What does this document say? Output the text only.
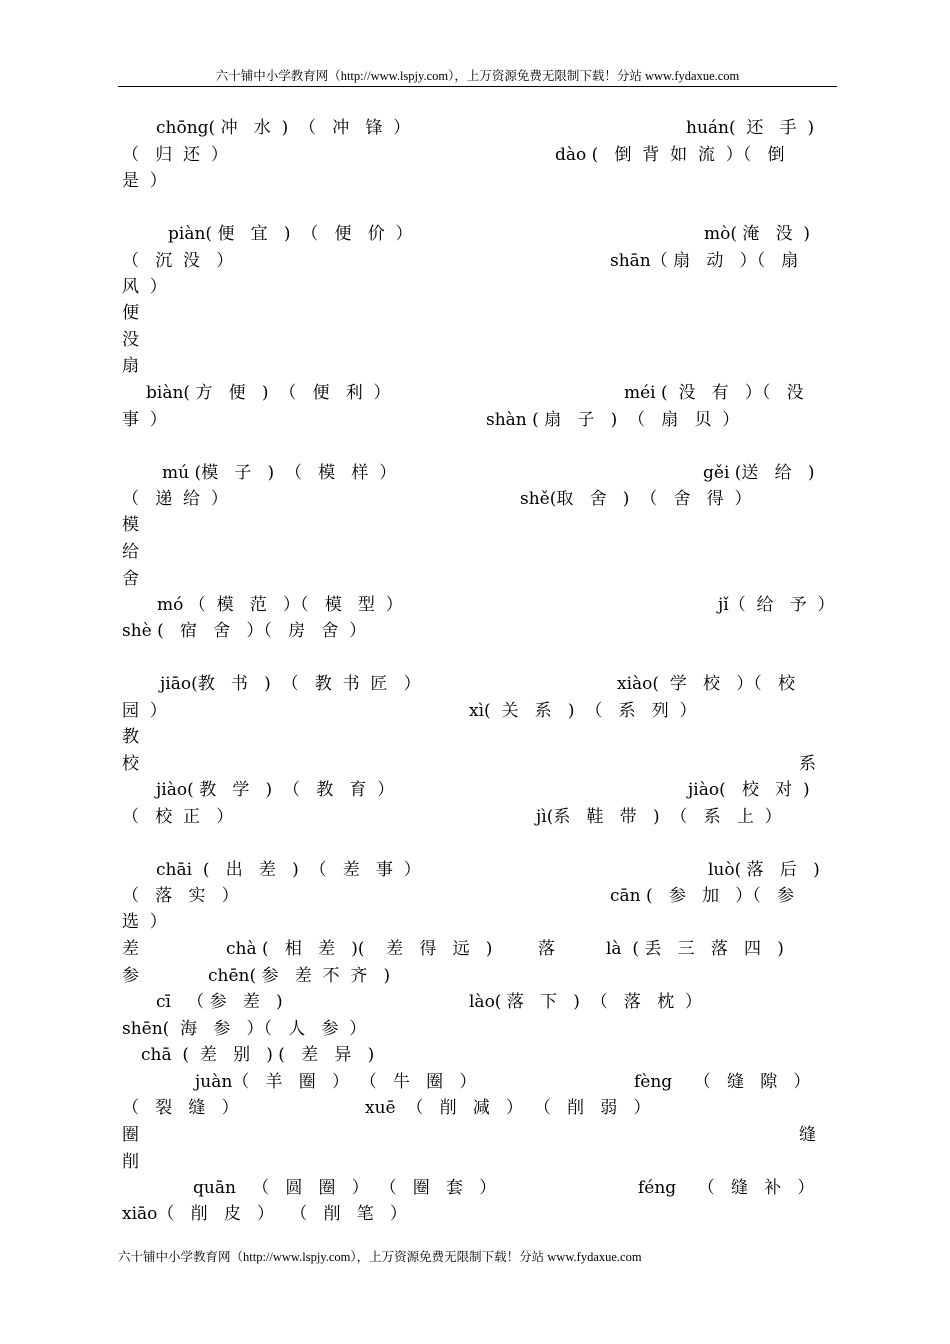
六十铺中小学教育网（http://www.lspjy.com），上万资源免费无限制下载！分站 www.fydaxue.com
chōng( 冲   水  )  （   冲   锋  ）	huán(  还   手  )
（   归  还  ）	dào (   倒  背  如  流  ）（   倒
是  ）
piàn( 便   宜   )  （   便   价  ）	mò( 淹   没  )
（   沉  没   ）	shān（ 扇   动   ）（   扇
风  ）
便
没
扇
biàn( 方   便   )  （   便   利  ）	méi (  没   有   ）（   没
事  ）	shàn ( 扇   子   )  （   扇   贝  ）
mú (模   子   )  （   模   样  ）	gěi (送   给   )
（   递  给  ）	shě(取   舍   )  （   舍   得  ）
模
给
舍
mó （  模   范   ）（   模   型  ）	jǐ（  给   予  ）
shè (   宿   舍   ）（   房   舍  ）
jiāo(教   书   )  （   教  书  匠   ）	xiào(  学   校   ）（   校
园  ）	xì(  关   系   )  （   系   列  ）
教
校	系
jiào( 教   学   )  （   教   育  ）	jiào(   校   对  )
（   校  正   ）	jì(系   鞋   带   )  （   系   上  ）
chāi  (   出   差   )  （   差   事  ）	luò( 落   后   )
（   落   实   ）	cān (   参   加   ）（   参
选  ）
差	chà (   相   差   )(    差   得   远   )	落	là  ( 丢   三   落   四   )
参	chēn( 参   差  不  齐   )
cī   （ 参   差   )	lào( 落   下   )  （   落   枕  ）
shēn(  海   参   ）（   人   参  ）
chā  (  差   别   ) (   差   异   )
juàn（   羊   圈   ）  （   牛   圈   ）	fèng    （   缝   隙   ）
（   裂   缝   ）	xuē  （   削   减   ）  （   削   弱   ）
圈	缝
削
quān   （   圆   圈   ）  （   圈   套   ）	féng    （   缝   补   ）
xiāo（   削   皮   ）   （   削   笔   ）
六十铺中小学教育网（http://www.lspjy.com），上万资源免费无限制下载！分站 www.fydaxue.com
